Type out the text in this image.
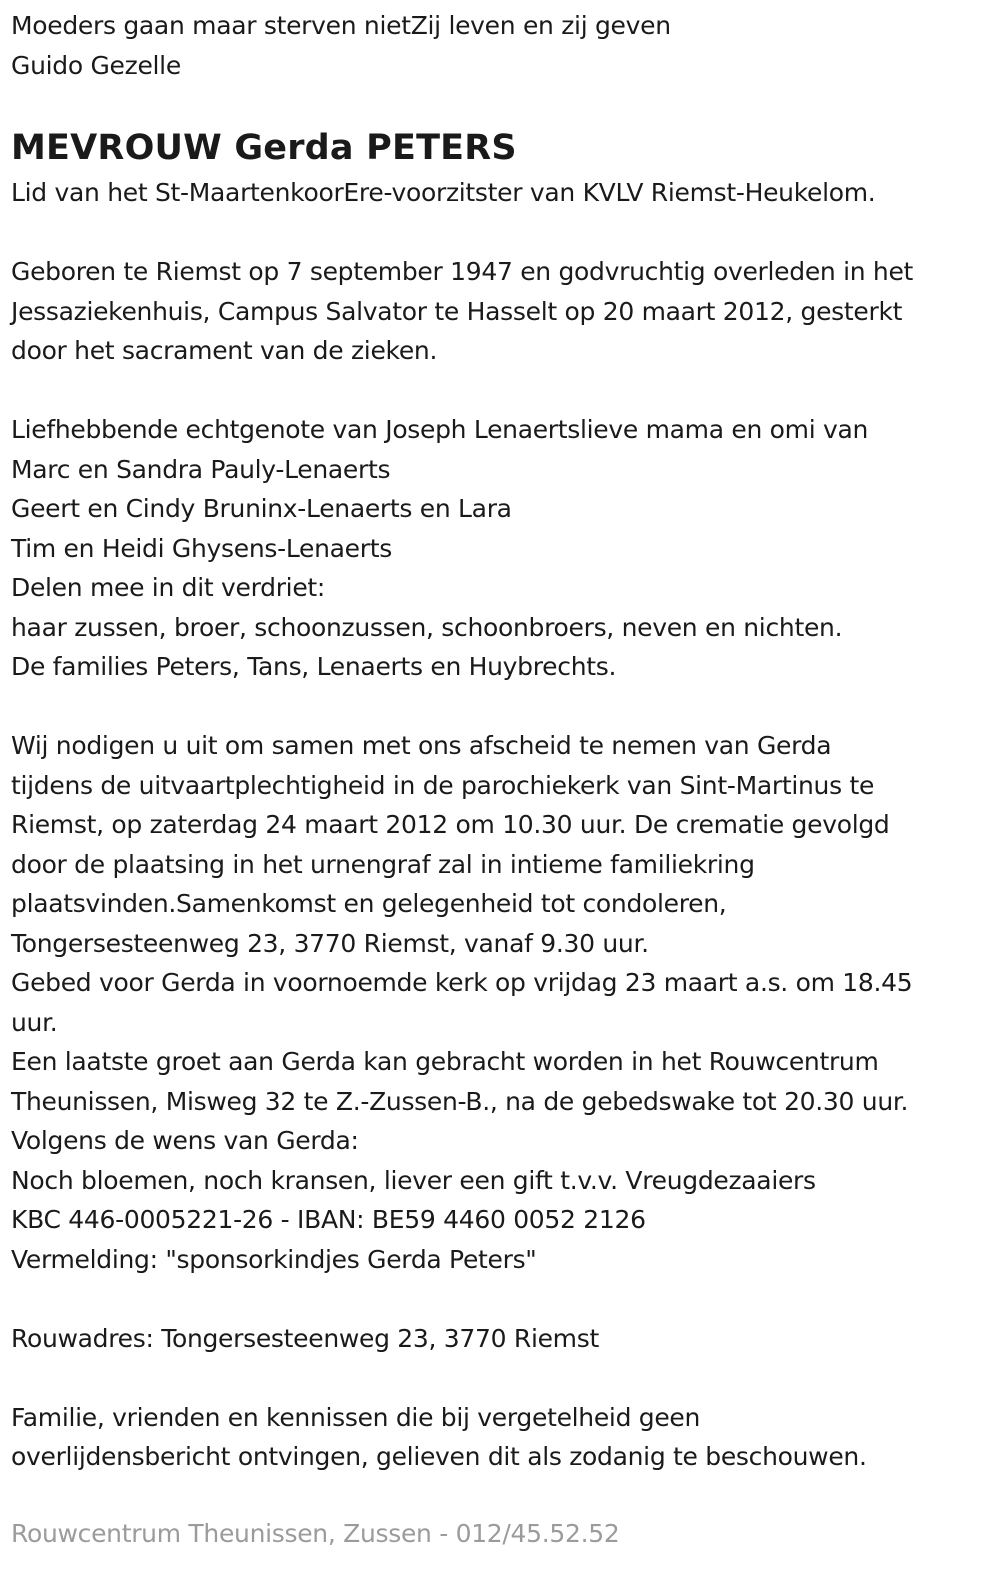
Moeders gaan maar sterven nietZij leven en zij geven
Guido Gezelle
MEVROUW Gerda PETERS
Lid van het St-MaartenkoorEre-voorzitster van KVLV Riemst-Heukelom.
Geboren te Riemst op 7 september 1947 en godvruchtig overleden in het
Jessaziekenhuis, Campus Salvator te Hasselt op 20 maart 2012, gesterkt
door het sacrament van de zieken.
Liefhebbende echtgenote van Joseph Lenaertslieve mama en omi van
Marc en Sandra Pauly-Lenaerts
Geert en Cindy Bruninx-Lenaerts en Lara
Tim en Heidi Ghysens-Lenaerts
Delen mee in dit verdriet:
haar zussen, broer, schoonzussen, schoonbroers, neven en nichten.
De families Peters, Tans, Lenaerts en Huybrechts.
Wij nodigen u uit om samen met ons afscheid te nemen van Gerda
tijdens de uitvaartplechtigheid in de parochiekerk van Sint-Martinus te
Riemst, op zaterdag 24 maart 2012 om 10.30 uur. De crematie gevolgd
door de plaatsing in het urnengraf zal in intieme familiekring
plaatsvinden.Samenkomst en gelegenheid tot condoleren,
Tongersesteenweg 23, 3770 Riemst, vanaf 9.30 uur.
Gebed voor Gerda in voornoemde kerk op vrijdag 23 maart a.s. om 18.45
uur.
Een laatste groet aan Gerda kan gebracht worden in het Rouwcentrum
Theunissen, Misweg 32 te Z.-Zussen-B., na de gebedswake tot 20.30 uur.
Volgens de wens van Gerda:
Noch bloemen, noch kransen, liever een gift t.v.v. Vreugdezaaiers
KBC 446-0005221-26 - IBAN: BE59 4460 0052 2126
Vermelding: "sponsorkindjes Gerda Peters"
Rouwadres: Tongersesteenweg 23, 3770 Riemst
Familie, vrienden en kennissen die bij vergetelheid geen
overlijdensbericht ontvingen, gelieven dit als zodanig te beschouwen.
Rouwcentrum Theunissen, Zussen - 012/45.52.52
